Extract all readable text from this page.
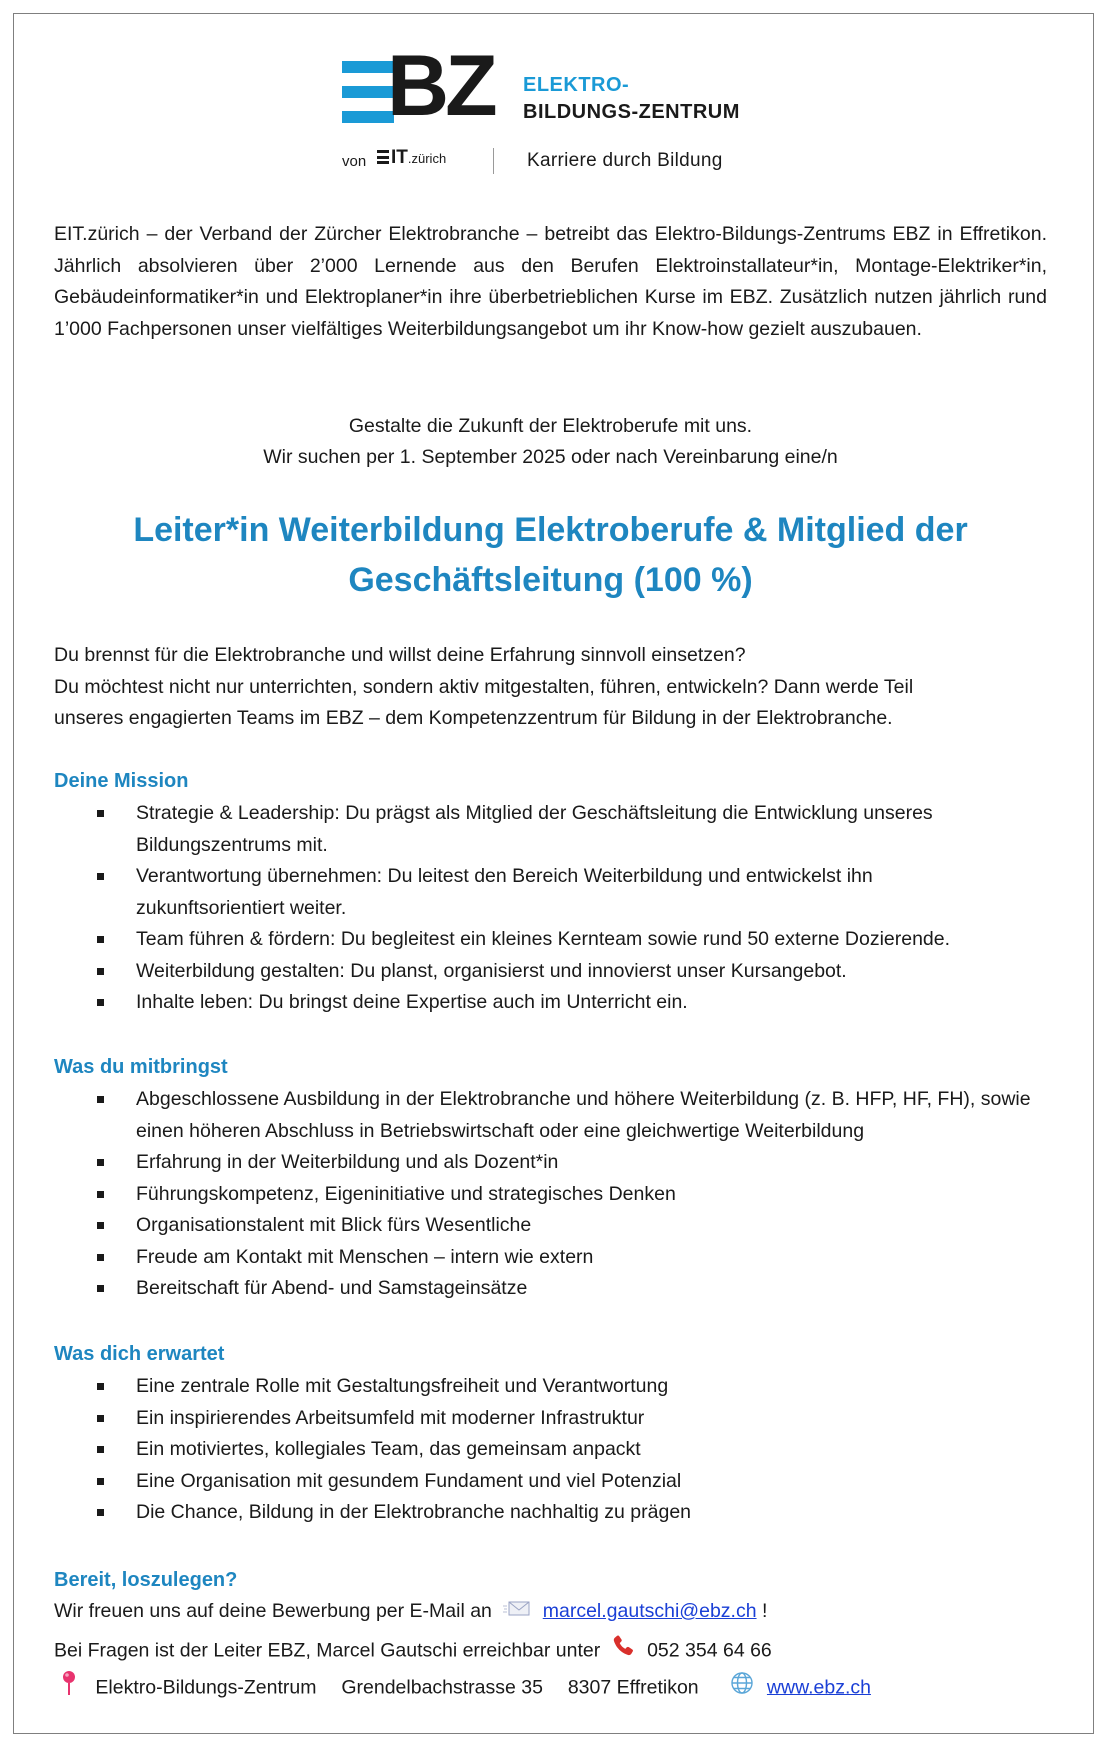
BZ ELEKTRO-
BILDUNGS-ZENTRUM
von	IT.zürich	Karriere durch Bildung

EIT.zürich – der Verband der Zürcher Elektrobranche – betreibt das Elektro-Bildungs-Zentrums EBZ in Effretikon. Jährlich absolvieren über 2’000 Lernende aus den Berufen Elektroinstallateur*in, Montage-Elektriker*in, Gebäudeinformatiker*in und Elektroplaner*in ihre überbetrieblichen Kurse im EBZ. Zusätzlich nutzen jährlich rund 1’000 Fachpersonen unser vielfältiges Weiterbildungsangebot um ihr Know-how gezielt auszubauen.

Gestalte die Zukunft der Elektroberufe mit uns.

Wir suchen per 1. September 2025 oder nach Vereinbarung eine/n

Leiter*in Weiterbildung Elektroberufe & Mitglied der
Geschäftsleitung (100 %)

Du brennst für die Elektrobranche und willst deine Erfahrung sinnvoll einsetzen?

Du möchtest nicht nur unterrichten, sondern aktiv mitgestalten, führen, entwickeln? Dann werde Teil unseres engagierten Teams im EBZ – dem Kompetenzzentrum für Bildung in der Elektrobranche.

Deine Mission
Strategie & Leadership: Du prägst als Mitglied der Geschäftsleitung die Entwicklung unseres Bildungszentrums mit.
Verantwortung übernehmen: Du leitest den Bereich Weiterbildung und entwickelst ihn zukunftsorientiert weiter.
Team führen & fördern: Du begleitest ein kleines Kernteam sowie rund 50 externe Dozierende.
Weiterbildung gestalten: Du planst, organisierst und innovierst unser Kursangebot.
Inhalte leben: Du bringst deine Expertise auch im Unterricht ein.
Was du mitbringst
Abgeschlossene Ausbildung in der Elektrobranche und höhere Weiterbildung (z. B. HFP, HF, FH), sowie einen höheren Abschluss in Betriebswirtschaft oder eine gleichwertige Weiterbildung
Erfahrung in der Weiterbildung und als Dozent*in
Führungskompetenz, Eigeninitiative und strategisches Denken
Organisationstalent mit Blick fürs Wesentliche
Freude am Kontakt mit Menschen – intern wie extern
Bereitschaft für Abend- und Samstageinsätze
Was dich erwartet
Eine zentrale Rolle mit Gestaltungsfreiheit und Verantwortung
Ein inspirierendes Arbeitsumfeld mit moderner Infrastruktur
Ein motiviertes, kollegiales Team, das gemeinsam anpackt
Eine Organisation mit gesundem Fundament und viel Potenzial
Die Chance, Bildung in der Elektrobranche nachhaltig zu prägen
Bereit, loszulegen?
Wir freuen uns auf deine Bewerbung per E-Mail an	marcel.gautschi@ebz.ch !
Bei Fragen ist der Leiter EBZ, Marcel Gautschi erreichbar unter 052 354 64 66
Elektro-Bildungs-Zentrum Grendelbachstrasse 35 8307 Effretikon	www.ebz.ch
